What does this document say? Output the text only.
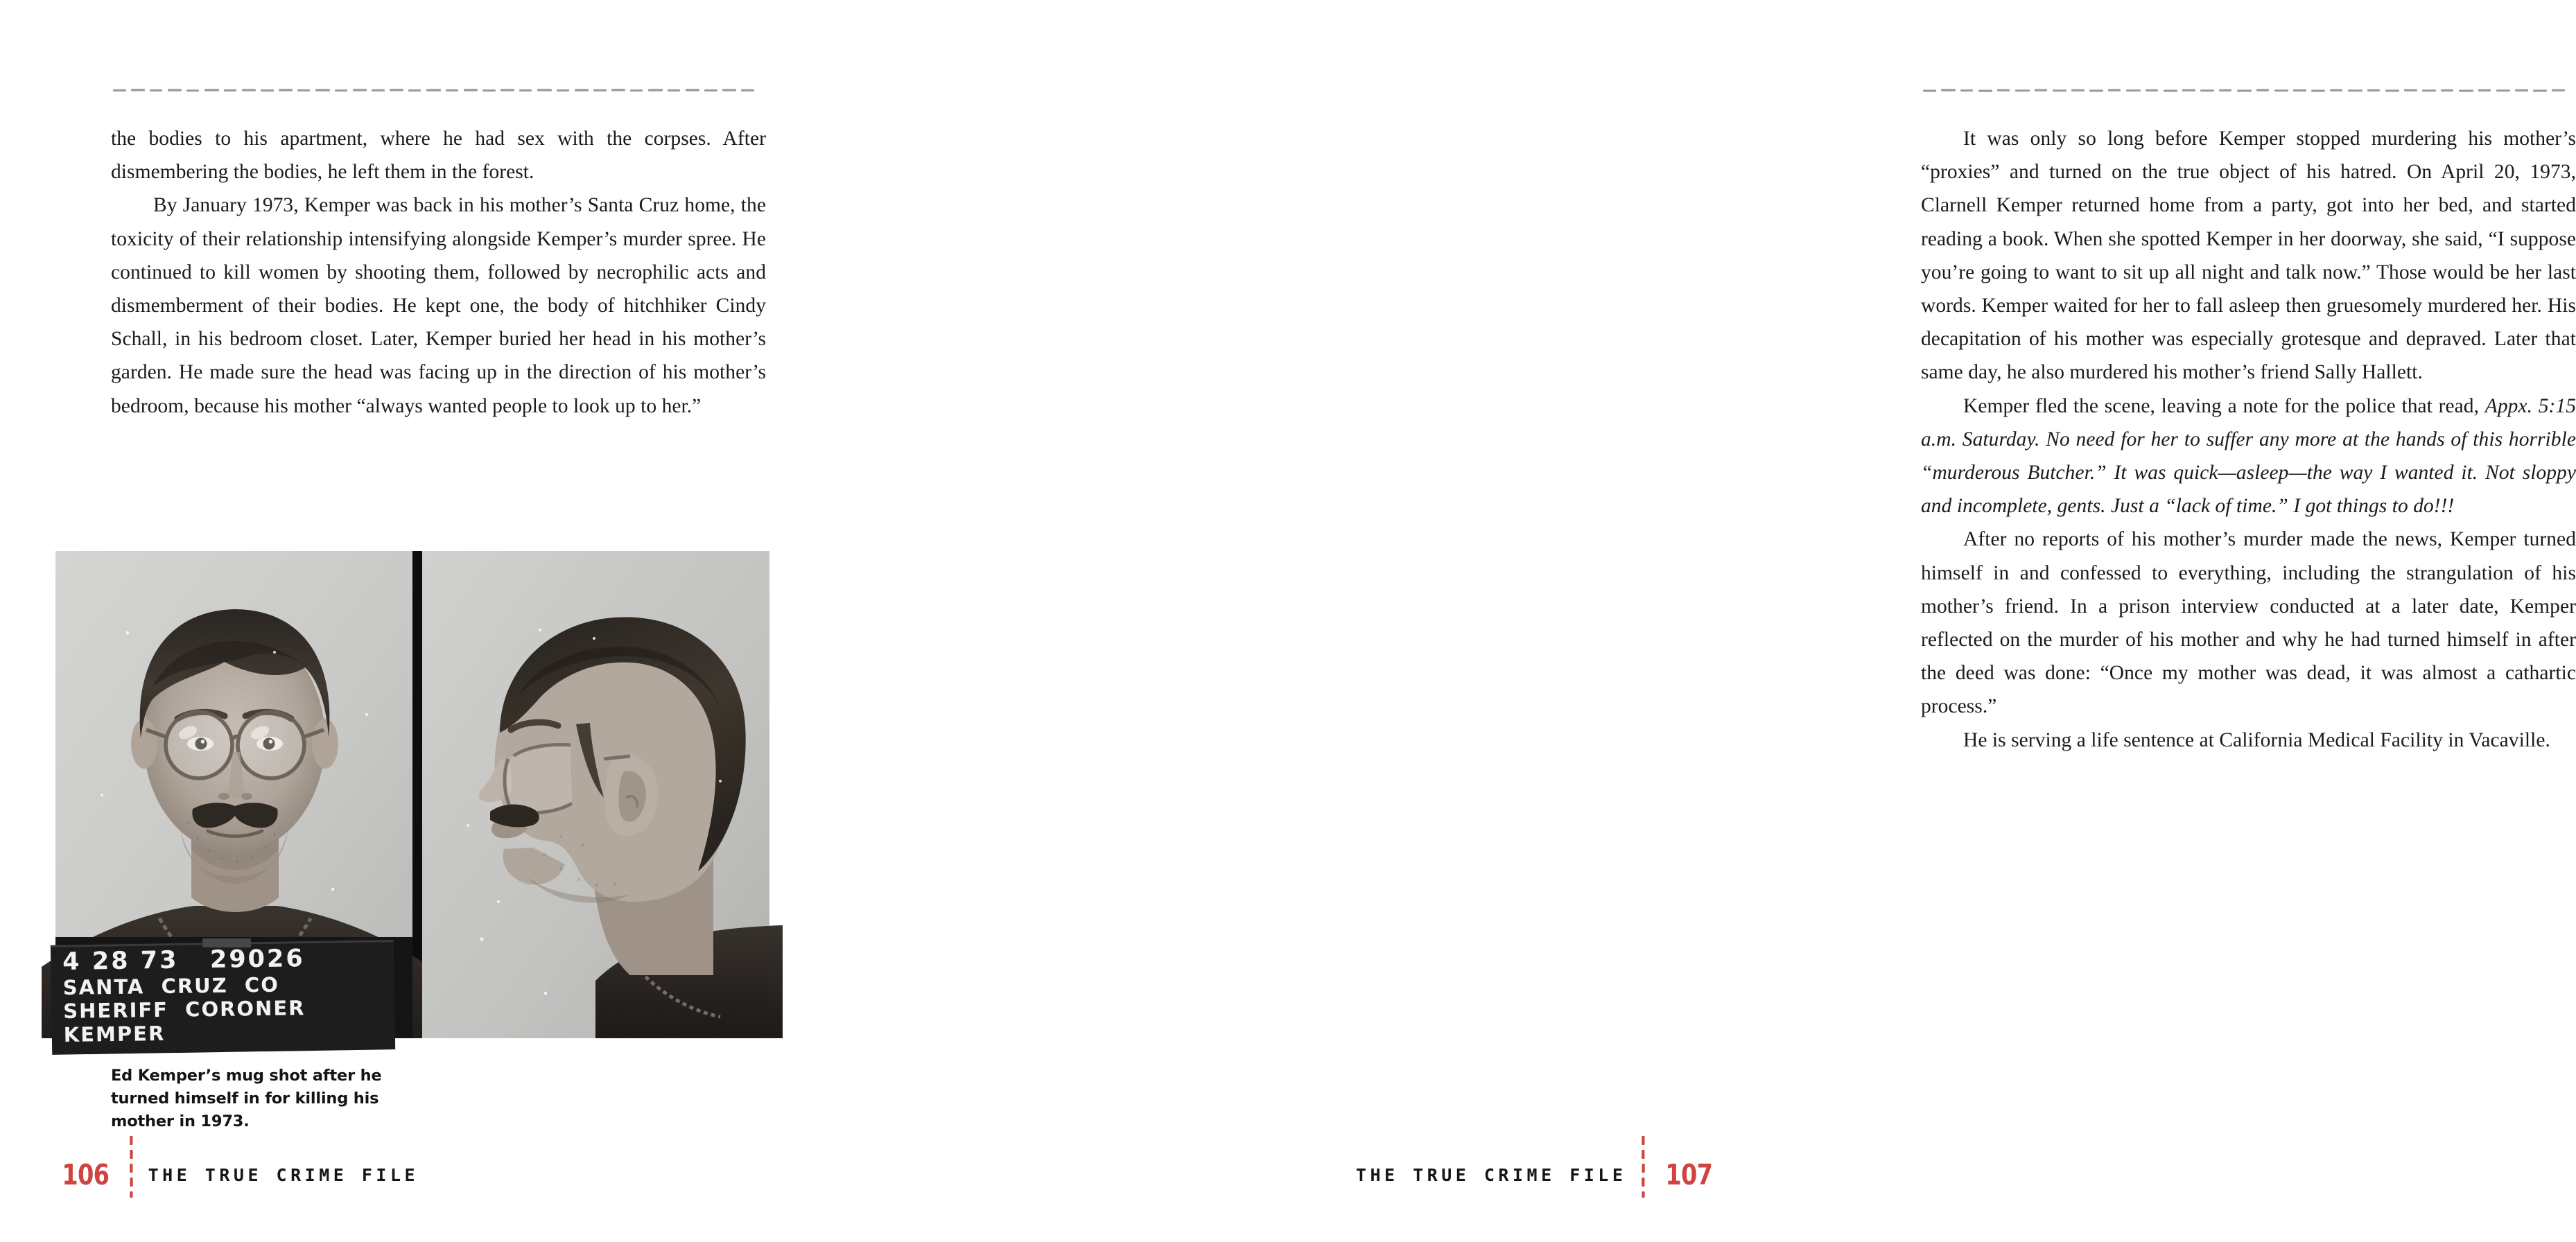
the bodies to his apartment, where he had sex with the corpses. After dismembering the bodies, he left them in the forest.

By January 1973, Kemper was back in his mother’s Santa Cruz home, the toxicity of their relationship intensifying alongside Kemper’s murder spree. He continued to kill women by shooting them, followed by necrophilic acts and dismemberment of their bodies. He kept one, the body of hitchhiker Cindy Schall, in his bedroom closet. Later, Kemper buried her head in his mother’s garden. He made sure the head was facing up in the direction of his mother’s bedroom, because his mother “always wanted people to look up to her.”

4 28 73   29026
SANTA  CRUZ  CO
SHERIFF  CORONER
KEMPER
Ed Kemper’s mug shot after he turned himself in for killing his mother in 1973.
106 THE TRUE CRIME FILE

It was only so long before Kemper stopped murdering his mother’s “proxies” and turned on the true object of his hatred. On April 20, 1973, Clarnell Kemper returned home from a party, got into her bed, and started reading a book. When she spotted Kemper in her doorway, she said, “I suppose you’re going to want to sit up all night and talk now.” Those would be her last words. Kemper waited for her to fall asleep then gruesomely murdered her. His decapitation of his mother was especially grotesque and depraved. Later that same day, he also murdered his mother’s friend Sally Hallett.

Kemper fled the scene, leaving a note for the police that read, Appx. 5:15 a.m. Saturday. No need for her to suffer any more at the hands of this horrible “murderous Butcher.” It was quick—asleep—the way I wanted it. Not sloppy and incomplete, gents. Just a “lack of time.” I got things to do!!!

After no reports of his mother’s murder made the news, Kemper turned himself in and confessed to everything, including the strangulation of his mother’s friend. In a prison interview conducted at a later date, Kemper reflected on the murder of his mother and why he had turned himself in after the deed was done: “Once my mother was dead, it was almost a cathartic process.”

He is serving a life sentence at California Medical Facility in Vacaville.

THE TRUE CRIME FILE 107
